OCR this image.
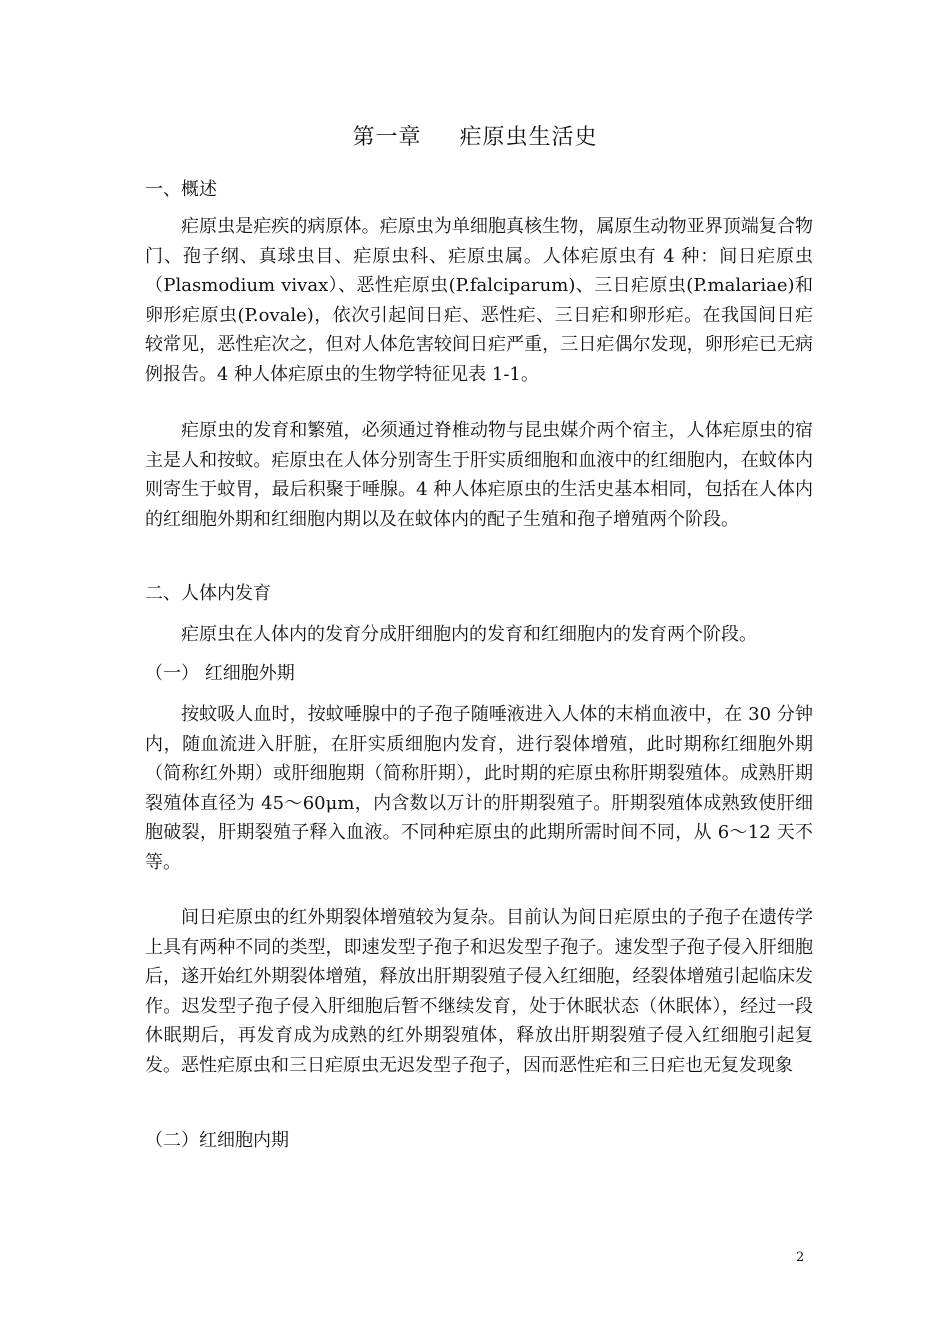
第一章 疟原虫生活史
一、概述
疟原虫是疟疾的病原体。疟原虫为单细胞真核生物，属原生动物亚界顶端复合物门、孢子纲、真球虫目、疟原虫科、疟原虫属。人体疟原虫有 4 种：间日疟原虫（Plasmodium vivax）、恶性疟原虫(P.falciparum)、三日疟原虫(P.malariae)和卵形疟原虫(P.ovale)，依次引起间日疟、恶性疟、三日疟和卵形疟。在我国间日疟较常见，恶性疟次之，但对人体危害较间日疟严重，三日疟偶尔发现，卵形疟已无病例报告。4 种人体疟原虫的生物学特征见表 1-1。
疟原虫的发育和繁殖，必须通过脊椎动物与昆虫媒介两个宿主，人体疟原虫的宿主是人和按蚊。疟原虫在人体分别寄生于肝实质细胞和血液中的红细胞内，在蚊体内则寄生于蚊胃，最后积聚于唾腺。4 种人体疟原虫的生活史基本相同，包括在人体内的红细胞外期和红细胞内期以及在蚊体内的配子生殖和孢子增殖两个阶段。
二、人体内发育
疟原虫在人体内的发育分成肝细胞内的发育和红细胞内的发育两个阶段。
（一） 红细胞外期
按蚊吸人血时，按蚊唾腺中的子孢子随唾液进入人体的末梢血液中，在 30 分钟内，随血流进入肝脏，在肝实质细胞内发育，进行裂体增殖，此时期称红细胞外期（简称红外期）或肝细胞期（简称肝期），此时期的疟原虫称肝期裂殖体。成熟肝期裂殖体直径为 45～60μm，内含数以万计的肝期裂殖子。肝期裂殖体成熟致使肝细胞破裂，肝期裂殖子释入血液。不同种疟原虫的此期所需时间不同，从 6～12 天不等。
间日疟原虫的红外期裂体增殖较为复杂。目前认为间日疟原虫的子孢子在遗传学上具有两种不同的类型，即速发型子孢子和迟发型子孢子。速发型子孢子侵入肝细胞后，遂开始红外期裂体增殖，释放出肝期裂殖子侵入红细胞，经裂体增殖引起临床发作。迟发型子孢子侵入肝细胞后暂不继续发育，处于休眠状态（休眠体），经过一段休眠期后，再发育成为成熟的红外期裂殖体，释放出肝期裂殖子侵入红细胞引起复发。恶性疟原虫和三日疟原虫无迟发型子孢子，因而恶性疟和三日疟也无复发现象
（二）红细胞内期
2
